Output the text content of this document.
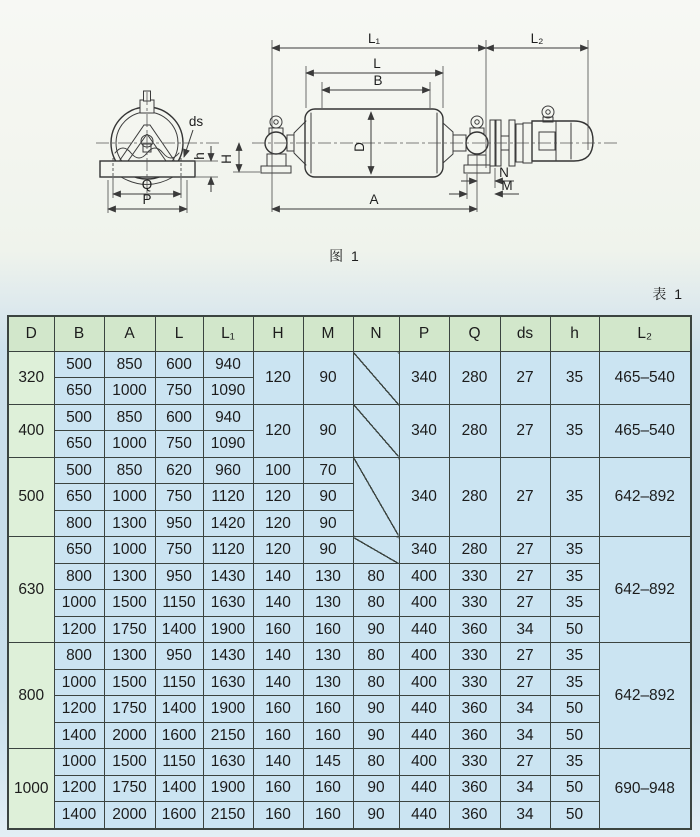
L₁	L₂
L
B
D
A
N
M
H
h
Q
P
ds
图 1
表 1
D	B	A	L	L₁	H	M	N	P	Q	ds	h	L₂
320	500	850	600	940	120	90		340	280	27	35	465–540
	650	1000	750	1090								
400	500	850	600	940	120	90		340	280	27	35	465–540
	650	1000	750	1090								
500	500	850	620	960	100	70		340	280	27	35	642–892
	650	1000	750	1120	120	90						
	800	1300	950	1420	120	90						
630	650	1000	750	1120	120	90		340	280	27	35	642–892
	800	1300	950	1430	140	130	80	400	330	27	35	
	1000	1500	1150	1630	140	130	80	400	330	27	35	
	1200	1750	1400	1900	160	160	90	440	360	34	50	
800	800	1300	950	1430	140	130	80	400	330	27	35	642–892
	1000	1500	1150	1630	140	130	80	400	330	27	35	
	1200	1750	1400	1900	160	160	90	440	360	34	50	
	1400	2000	1600	2150	160	160	90	440	360	34	50	
1000	1000	1500	1150	1630	140	145	80	400	330	27	35	690–948
	1200	1750	1400	1900	160	160	90	440	360	34	50	
	1400	2000	1600	2150	160	160	90	440	360	34	50	
